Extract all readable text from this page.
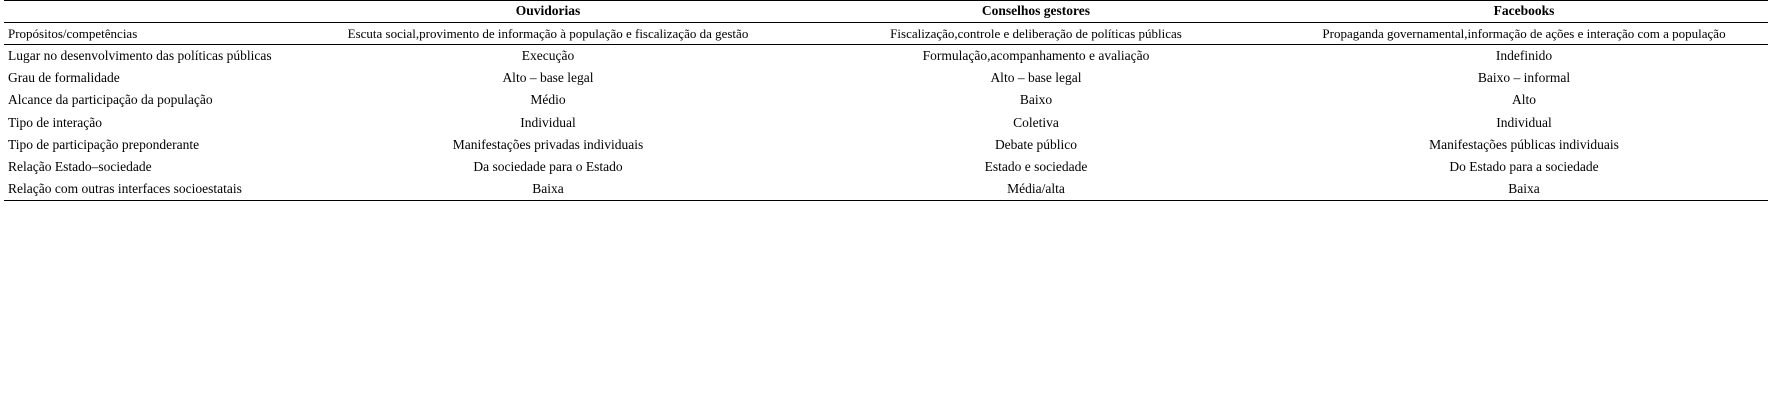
	Ouvidorias	Conselhos gestores	Facebooks
Propósitos/competências	Escuta social,provimento de informação à população e fiscalização da gestão	Fiscalização,controle e deliberação de políticas públicas	Propaganda governamental,informação de ações e interação com a população
Lugar no desenvolvimento das políticas públicas	Execução	Formulação,acompanhamento e avaliação	Indefinido
Grau de formalidade	Alto – base legal	Alto – base legal	Baixo – informal
Alcance da participação da população	Médio	Baixo	Alto
Tipo de interação	Individual	Coletiva	Individual
Tipo de participação preponderante	Manifestações privadas individuais	Debate público	Manifestações públicas individuais
Relação Estado–sociedade	Da sociedade para o Estado	Estado e sociedade	Do Estado para a sociedade
Relação com outras interfaces socioestatais	Baixa	Média/alta	Baixa
